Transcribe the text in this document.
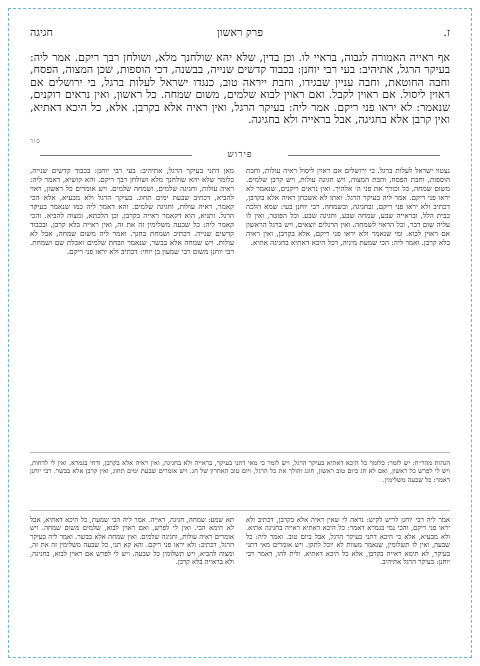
ז.
פרק ראשון
חגיגה
אף ראייה האמורה לגבוה, בראיי לו. וכן בדין, שלא יהא שולחנך מלא, ושולחן רבך ריקם. אמר ליה: בעיקר הרגל, אתיהיב: בעי רבי יוחנן: בכבוד קדשים שנייה, בבשנה, דכי הוספות, שכן המצוה, הפסח, וחבה החוטאת, וחבה עניין שבגידו, וחבת ייראה טוב, כנגדו ישראל לעלות ברגל, בי ירושלים אם ראוין ליסול. אם ראוין לקבל. ואם ראוין לבוא שלמים, משום שמחה. כל ראשון, ואין נראים רוקנים, שנאמר: לא יראו פני ריקם. אמר ליה: בעיקר הרגל, ואין ראיה אלא בקרבן. אלא, כל היכא דאתיא, ואין קרבן אלא בחגיגה, אבל בראייה ולא בחגיגה.
סוד
פירוש
נצטוו ישראל לעלות ברגל. בי ירושלים אם ראוין ליסול ראיה עולות, וחבת הוספות, וחבת הפסח, וחבת המצוה, ויש חגיגה עולות, ויש קרבן שלמים. משום שמחה, כל זכורך את פני ה׳ אלהיך. ואין נראים ריקנים, שנאמר לא יראו פני ריקם. אמר ליה בעיקר הרגל. ואתו לא אשכחן ראיה אלא בקרבן, דכתיב ולא יראו פני ריקם, ובחגיגה, ובשמחה. רבי יוחנן בעי: שמא הלכה כבית הלל, ובראייה שבע, שמחה שבע, וחגיגה שבע. וכל הפוטר, ואין לו עליה שום דבר, וכל הראוי לשמחה. ואין הרגלים יוצאים, ויש ברגל הראשון אם ראוין לבוא. ומי שנאמר ולא יראו פני ריקם, אלא בקרבן, ואין ראיה בלא קרבן. ואמר ליה: הכי שמעת מיניה, דכל היכא דאתיא בחגיגה אתיא.
מאן דתני בעיקר הרגל, אתיהיב: בעי רבי יוחנן: בכבוד קדשים שנייה, כלומר שלא יהא שולחנך מלא ושולחן רבך ריקם. והא קושיא, דאמר ליה: ראיה עולות, וחגיגה שלמים, ושמחה שלמים. ויש אומרים כל ראשון, ראוי להביא, דכתיב שבעת ימים תחוג. בעיקר הרגל ולא מבעיא, אלא הכי קאמר, ראיה עולות, וחגיגה שלמים. והא דאמר ליה כמו שנאמר בעיקר הרגל. ותניא, הוא דקאמר ראייה בקרבן. וכן הלכתא, ומצוה להביא. והכי קאמר ליה: כל שבעה משלימין זה את זה, ואין ראייה בלא קרבן, ובכבוד קדשים שנייה. דכתיב ושמחת בחגך. ואמר ליה משום שמחה, אבל לא עולות. ויש שמחה אלא בבשר, שנאמר וזבחת שלמים ואכלת שם ושמחת. רבי יוחנן משום רבי שמעון בן יוחי: דכתיב ולא יראו פני ריקם.
הגהות מהר״ח: יש לומר: כלומר כל היכא דאתיא בעיקר הרגל, ויש לומר כי מאי דתני בעיקר, בראייה ולא בחגיגה, ואין ראיה אלא בקרבן, ודחי בגמרא. ואין לי לדחות, ויש לי לפרש כל ראשון, ואם לא חג ביום טוב ראשון, חוגג והולך את כל הרגל, ויום טוב האחרון של חג. ויש אומרים שבעת ימים תחוג, ואין קרבן אלא בבשר. רבי יוחנן דאמר: כל שבעה משלימין.
אמר ליה רבי יוחנן לריש לקיש: נראה לי שאין ראיה אלא בקרבן, דכתיב ולא יראו פני ריקם, והכי נמי בגמרא דאמר: כל היכא דאתיא ראייה בחגיגה אתיא. ולא מבעיא, אלא כי היכא דתני בעיקר הרגל, אבל ביום טוב. ואמר ליה: כל שבעה, ואין לו תשלומין, שנאמר מעוות לא יוכל לתקן. ויש אומרים מאי דתני בעיקר, לא תימא ראייה בקרבן, אלא כל היכא דאתיא. ולית להו, דאמר רבי יוחנן: בעיקר הרגל אתיהיב.
תא שמע: שמחה, חגיגה, ראייה. אמר ליה הכי שמעת, כל היכא דאתיא, אבל לא תימא הכי. ואין לי לפרש, ואם ראוין לבוא, שלמים משום שמחה. ויש אומרים ראיה עולות, וחגיגה שלמים. ואין שמחה אלא בבשר. ואמר ליה בעיקר הרגל, דכתיב: ולא יראו פני ריקם. והא קא תני, כל שבעה משלימין זה את זה, ומצוה להביא, ויש תשלומין כל שבעה. ויש לי לפרש אם ראוין לבוא, בחגיגה, ולא בראייה בלא קרבן.
